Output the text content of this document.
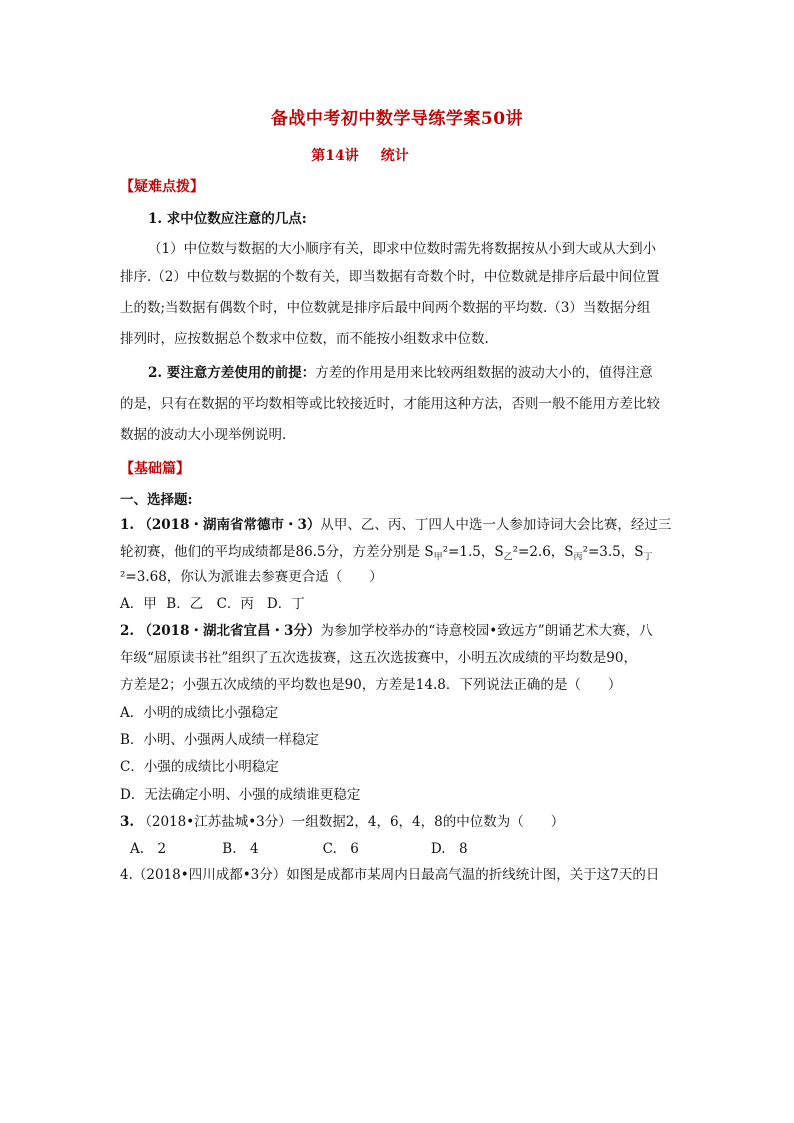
备战中考初中数学导练学案50讲
第14讲 统计
【疑难点拨】
1. 求中位数应注意的几点:
（1）中位数与数据的大小顺序有关，即求中位数时需先将数据按从小到大或从大到小
排序.（2）中位数与数据的个数有关，即当数据有奇数个时，中位数就是排序后最中间位置
上的数;当数据有偶数个时，中位数就是排序后最中间两个数据的平均数.（3）当数据分组
排列时，应按数据总个数求中位数，而不能按小组数求中位数.
2. 要注意方差使用的前提：方差的作用是用来比较两组数据的波动大小的，值得注意
的是，只有在数据的平均数相等或比较接近时，才能用这种方法，否则一般不能用方差比较
数据的波动大小现举例说明.
【基础篇】
一、选择题:
1. （2018・湖南省常德市・3）从甲、乙、丙、丁四人中选一人参加诗词大会比赛，经过三
轮初赛，他们的平均成绩都是86.5分，方差分别是 $S_甲^2=1.5$，$S_乙^2=2.6$，$S_丙^2=3.5$，$S_丁$
²=3.68，你认为派谁去参赛更合适（　　）
A．甲 B．乙 C．丙 D．丁
2. （2018・湖北省宜昌・3分）为参加学校举办的“诗意校园•致远方”朗诵艺术大赛，八
年级“屈原读书社”组织了五次选拔赛，这五次选拔赛中，小明五次成绩的平均数是90，
方差是2；小强五次成绩的平均数也是90，方差是14.8．下列说法正确的是（　　）
A．小明的成绩比小强稳定
B．小明、小强两人成绩一样稳定
C．小强的成绩比小明稳定
D．无法确定小明、小强的成绩谁更稳定
3. （2018•江苏盐城•3分）一组数据2，4，6，4，8的中位数为（　　）
A.　2	B.　4	C.　6	D.　8
4.（2018•四川成都•3分）如图是成都市某周内日最高气温的折线统计图，关于这7天的日
